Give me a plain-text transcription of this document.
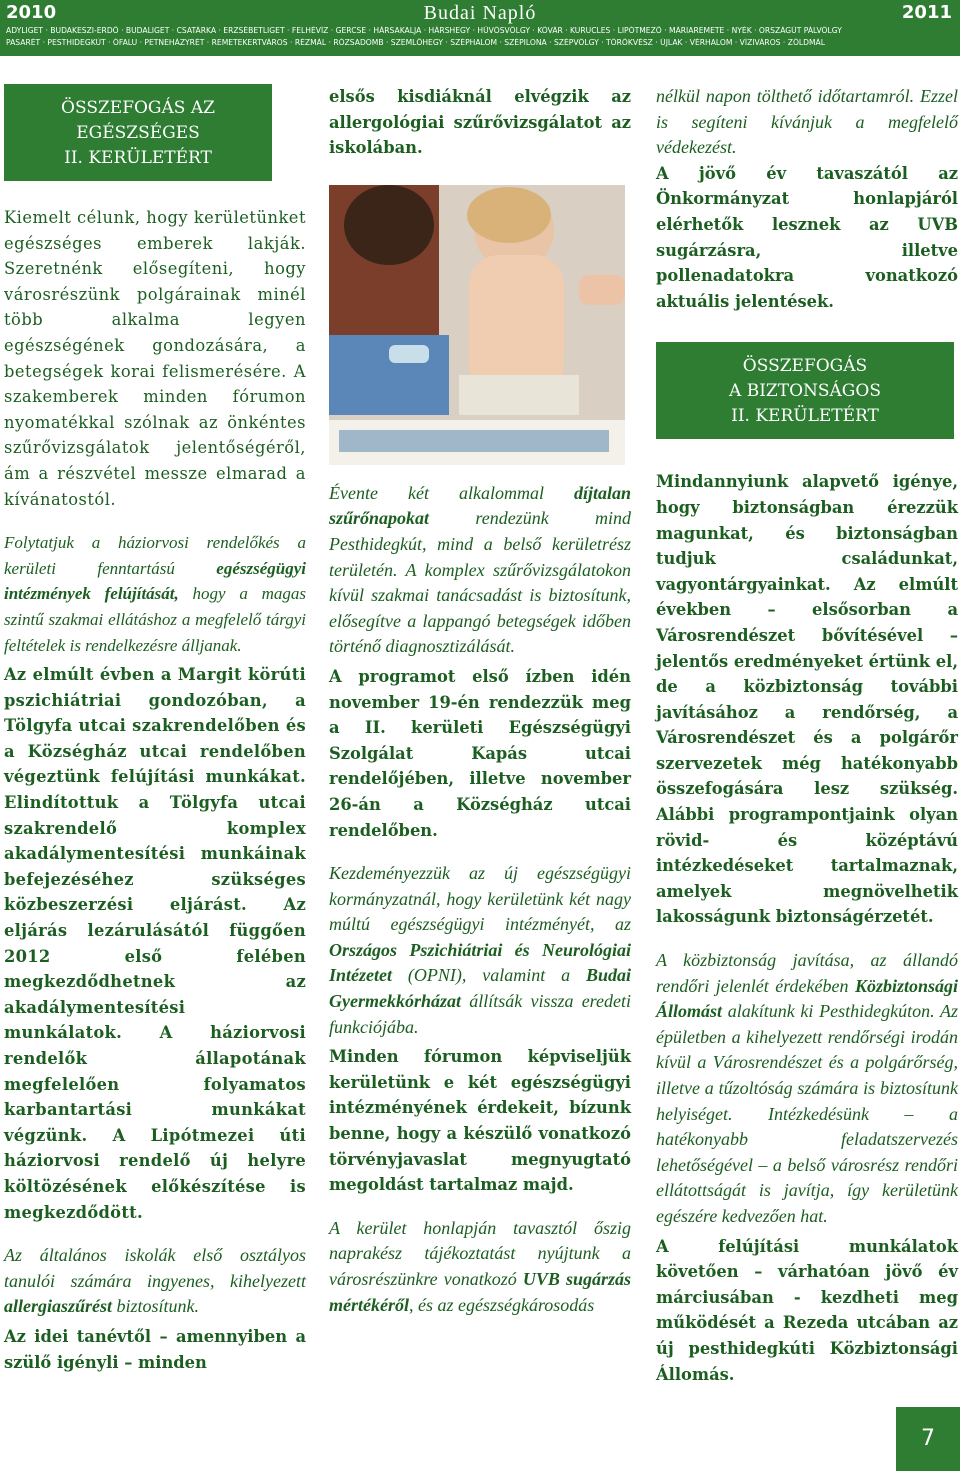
2010	Budai Napló	2011
ADYLIGET · BUDAKESZI-ERDŐ · BUDALIGET · CSATÁRKA · ERZSÉBETLIGET · FELHÉVÍZ · GERCSE · HÁRSAKALJA · HÁRSHEGY · HŰVÖSVÖLGY · KÖVÁR · KURUCLES · LIPÓTMEZŐ · MÁRIAREMETE · NYÉK · ORSZÁGÚT PÁLVÖLGY
PASARÉT · PESTHIDEGKÚT · ÓFALU · PETNEHÁZYRÉT · REMETEKERTVÁROS · RÉZMÁL · RÓZSADOMB · SZEMLŐHEGY · SZÉPHALOM · SZÉPILONA · SZÉPVÖLGY · TÖRÖKVÉSZ · ÚJLAK · VÉRHALOM · VÍZIVÁROS · ZÖLDMÁL
ÖSSZEFOGÁS AZ
EGÉSZSÉGES
II. KERÜLETÉRT

Kiemelt célunk, hogy kerületünket egészséges emberek lakják. Szeretnénk elősegíteni, hogy városrészünk polgárainak minél több alkalma legyen egészségének gondozására, a betegségek korai felismerésére. A szakemberek minden fórumon nyomatékkal szólnak az önkéntes szűrővizsgálatok jelentőségéről, ám a részvétel messze elmarad a kívánatostól.

Folytatjuk a háziorvosi rendelőkés a kerületi fenntartású egészségügyi intézmények felújítását, hogy a magas szintű szakmai ellátáshoz a megfelelő tárgyi feltételek is rendelkezésre álljanak.

Az elmúlt évben a Margit körúti pszichiátriai gondozóban, a Tölgyfa utcai szakrendelőben és a Községház utcai rendelőben végeztünk felújítási munkákat. Elindítottuk a Tölgyfa utcai szakrendelő komplex akadálymentesítési munkáinak befejezéséhez szükséges közbeszerzési eljárást. Az eljárás lezárulásától függően 2012 első felében megkezdődhetnek az akadálymentesítési munkálatok. A háziorvosi rendelők állapotának megfelelően folyamatos karbantartási munkákat végzünk. A Lipótmezei úti háziorvosi rendelő új helyre költözésének előkészítése is megkezdődött.

Az általános iskolák első osztályos tanulói számára ingyenes, kihelyezett allergiaszűrést biztosítunk.

Az idei tanévtől – amennyiben a szülő igényli – minden

elsős kisdiáknál elvégzik az allergológiai szűrővizsgálatot az iskolában.

Évente két alkalommal díjtalan szűrőnapokat rendezünk mind Pesthidegkút, mind a belső kerületrész területén. A komplex szűrővizsgálatokon kívül szakmai tanácsadást is biztosítunk, elősegítve a lappangó betegségek időben történő diagnosztizálását.

A programot első ízben idén november 19-én rendezzük meg a II. kerületi Egészségügyi Szolgálat Kapás utcai rendelőjében, illetve november 26-án a Községház utcai rendelőben.

Kezdeményezzük az új egészségügyi kormányzatnál, hogy kerületünk két nagy múltú egészségügyi intézményét, az Országos Pszichiátriai és Neurológiai Intézetet (OPNI), valamint a Budai Gyermekkórházat állítsák vissza eredeti funkciójába.

Minden fórumon képviseljük kerületünk e két egészségügyi intézményének érdekeit, bízunk benne, hogy a készülő vonatkozó törvényjavaslat megnyugtató megoldást tartalmaz majd.

A kerület honlapján tavasztól őszig naprakész tájékoztatást nyújtunk a városrészünkre vonatkozó UVB sugárzás mértékéről, és az egészségkárosodás

nélkül napon tölthető időtartamról. Ezzel is segíteni kívánjuk a megfelelő védekezést.

A jövő év tavaszától az Önkormányzat honlapjáról elérhetők lesznek az UVB sugárzásra, illetve pollenadatokra vonatkozó aktuális jelentések.

ÖSSZEFOGÁS
A BIZTONSÁGOS
II. KERÜLETÉRT

Mindannyiunk alapvető igénye, hogy biztonságban érezzük magunkat, és biztonságban tudjuk családunkat, vagyontárgyainkat. Az elmúlt években – elsősorban a Városrendészet bővítésével – jelentős eredményeket értünk el, de a közbiztonság további javításához a rendőrség, a Városrendészet és a polgárőr szervezetek még hatékonyabb összefogására lesz szükség. Alábbi programpontjaink olyan rövid- és középtávú intézkedéseket tartalmaznak, amelyek megnövelhetik lakosságunk biztonságérzetét.

A közbiztonság javítása, az állandó rendőri jelenlét érdekében Közbiztonsági Állomást alakítunk ki Pesthidegkúton. Az épületben a kihelyezett rendőrségi irodán kívül a Városrendészet és a polgárőrség, illetve a tűzoltóság számára is biztosítunk helyiséget. Intézkedésünk – a hatékonyabb feladatszervezés lehetőségével – a belső városrész rendőri ellátottságát is javítja, így kerületünk egészére kedvezően hat.

A felújítási munkálatok követően – várhatóan jövő év márciusában - kezdheti meg működését a Rezeda utcában az új pesthidegkúti Közbiztonsági Állomás.

7
